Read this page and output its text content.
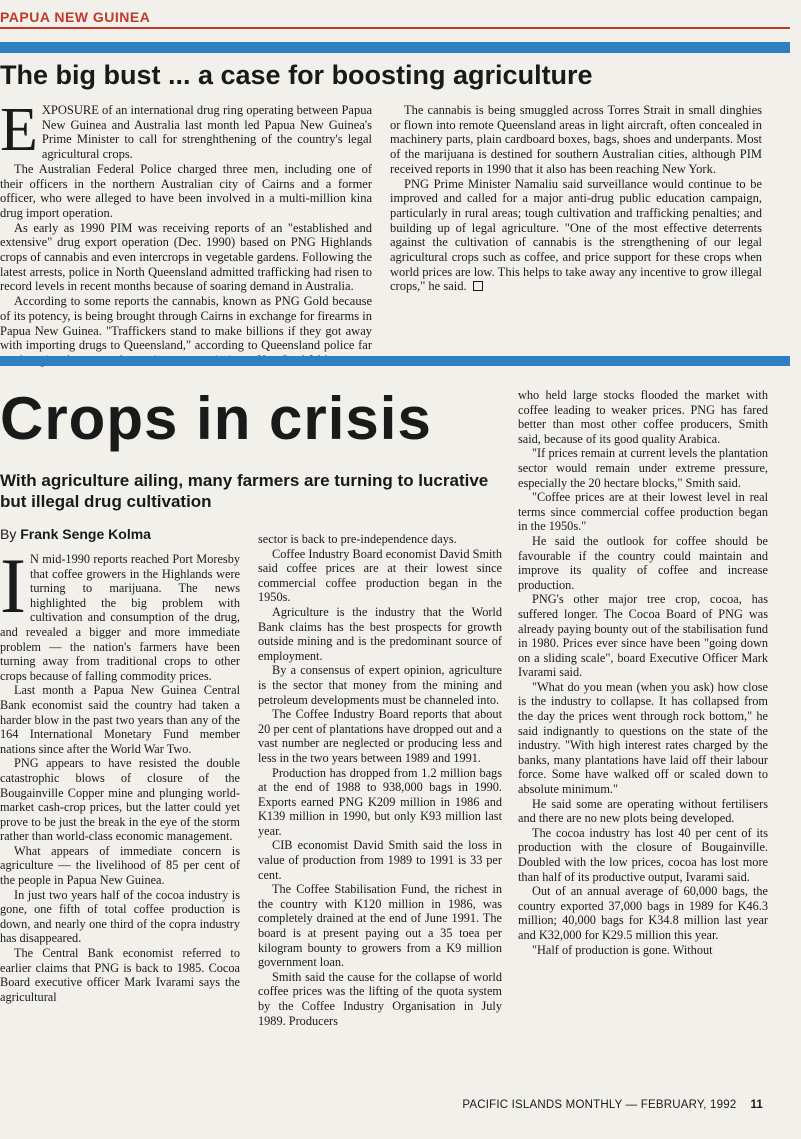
PAPUA NEW GUINEA
The big bust ... a case for boosting agriculture

EXPOSURE of an international drug ring operating between Papua New Guinea and Australia last month led Papua New Guinea's Prime Minister to call for strenghthening of the country's legal agricultural crops.

The Australian Federal Police charged three men, including one of their officers in the northern Australian city of Cairns and a former officer, who were alleged to have been involved in a multi-million kina drug import operation.

As early as 1990 PIM was receiving reports of an "established and extensive" drug export operation (Dec. 1990) based on PNG Highlands crops of cannabis and even intercrops in vegetable gardens. Following the latest arrests, police in North Queensland admitted trafficking had risen to record levels in recent months because of soaring demand in Australia.

According to some reports the cannabis, known as PNG Gold because of its potency, is being brought through Cairns in exchange for firearms in Papua New Guinea. "Traffickers stand to make billions if they got away with importing drugs to Queensland," according to Queensland police far

The cannabis is being smuggled across Torres Strait in small dinghies or flown into remote Queensland areas in light aircraft, often concealed in machinery parts, plain cardboard boxes, bags, shoes and underpants. Most of the marijuana is destined for southern Australian cities, although PIM received reports in 1990 that it also has been reaching New York.

PNG Prime Minister Namaliu said surveillance would continue to be improved and called for a major anti-drug public education campaign, particularly in rural areas; tough cultivation and trafficking penalties; and building up of legal agriculture. "One of the most effective deterrents against the cultivation of cannabis is the strengthening of our legal agricultural crops such as coffee, and price support for these crops when world prices are low. This helps to take away any incentive to grow illegal crops," he said.

Crops in crisis
With agriculture ailing, many farmers are turning to lucrative but illegal drug cultivation
By Frank Senge Kolma

I N mid-1990 reports reached Port Moresby that coffee growers in the Highlands were turning to marijuana. The news highlighted the big problem with cultivation and consumption of the drug, and revealed a bigger and more immediate problem — the nation's farmers have been turning away from traditional crops to other crops because of falling commodity prices.

Last month a Papua New Guinea Central Bank economist said the country had taken a harder blow in the past two years than any of the 164 International Monetary Fund member nations since after the World War Two.

PNG appears to have resisted the double catastrophic blows of closure of the Bougainville Copper mine and plunging world-market cash-crop prices, but the latter could yet prove to be just the break in the eye of the storm rather than world-class economic management.

What appears of immediate concern is agriculture — the livelihood of 85 per cent of the people in Papua New Guinea.

In just two years half of the cocoa industry is gone, one fifth of total coffee production is down, and nearly one third of the copra industry has disappeared.

The Central Bank economist referred to earlier claims that PNG is back to 1985. Cocoa Board executive officer Mark Ivarami says the agricultural

sector is back to pre-independence days.

Coffee Industry Board economist David Smith said coffee prices are at their lowest since commercial coffee production began in the 1950s.

Agriculture is the industry that the World Bank claims has the best prospects for growth outside mining and is the predominant source of employment.

By a consensus of expert opinion, agriculture is the sector that money from the mining and petroleum developments must be channeled into.

The Coffee Industry Board reports that about 20 per cent of plantations have dropped out and a vast number are neglected or producing less and less in the two years between 1989 and 1991.

Production has dropped from 1.2 million bags at the end of 1988 to 938,000 bags in 1990. Exports earned PNG K209 million in 1986 and K139 million in 1990, but only K93 million last year.

CIB economist David Smith said the loss in value of production from 1989 to 1991 is 33 per cent.

The Coffee Stabilisation Fund, the richest in the country with K120 million in 1986, was completely drained at the end of June 1991. The board is at present paying out a 35 toea per kilogram bounty to growers from a K9 million government loan.

Smith said the cause for the collapse of world coffee prices was the lifting of the quota system by the Coffee Industry Organisation in July 1989. Producers

who held large stocks flooded the market with coffee leading to weaker prices. PNG has fared better than most other coffee producers, Smith said, because of its good quality Arabica.

"If prices remain at current levels the plantation sector would remain under extreme pressure, especially the 20 hectare blocks," Smith said.

"Coffee prices are at their lowest level in real terms since commercial coffee production began in the 1950s."

He said the outlook for coffee should be favourable if the country could maintain and improve its quality of coffee and increase production.

PNG's other major tree crop, cocoa, has suffered longer. The Cocoa Board of PNG was already paying bounty out of the stabilisation fund in 1980. Prices ever since have been "going down on a sliding scale", board Executive Officer Mark Ivarami said.

"What do you mean (when you ask) how close is the industry to collapse. It has collapsed from the day the prices went through rock bottom," he said indignantly to questions on the state of the industry. "With high interest rates charged by the banks, many plantations have laid off their labour force. Some have walked off or scaled down to absolute minimum."

He said some are operating without fertilisers and there are no new plots being developed.

The cocoa industry has lost 40 per cent of its production with the closure of Bougainville. Doubled with the low prices, cocoa has lost more than half of its productive output, Ivarami said.

Out of an annual average of 60,000 bags, the country exported 37,000 bags in 1989 for K46.3 million; 40,000 bags for K34.8 million last year and K32,000 for K29.5 million this year.

"Half of production is gone. Without

PACIFIC ISLANDS MONTHLY — FEBRUARY, 1992 11
